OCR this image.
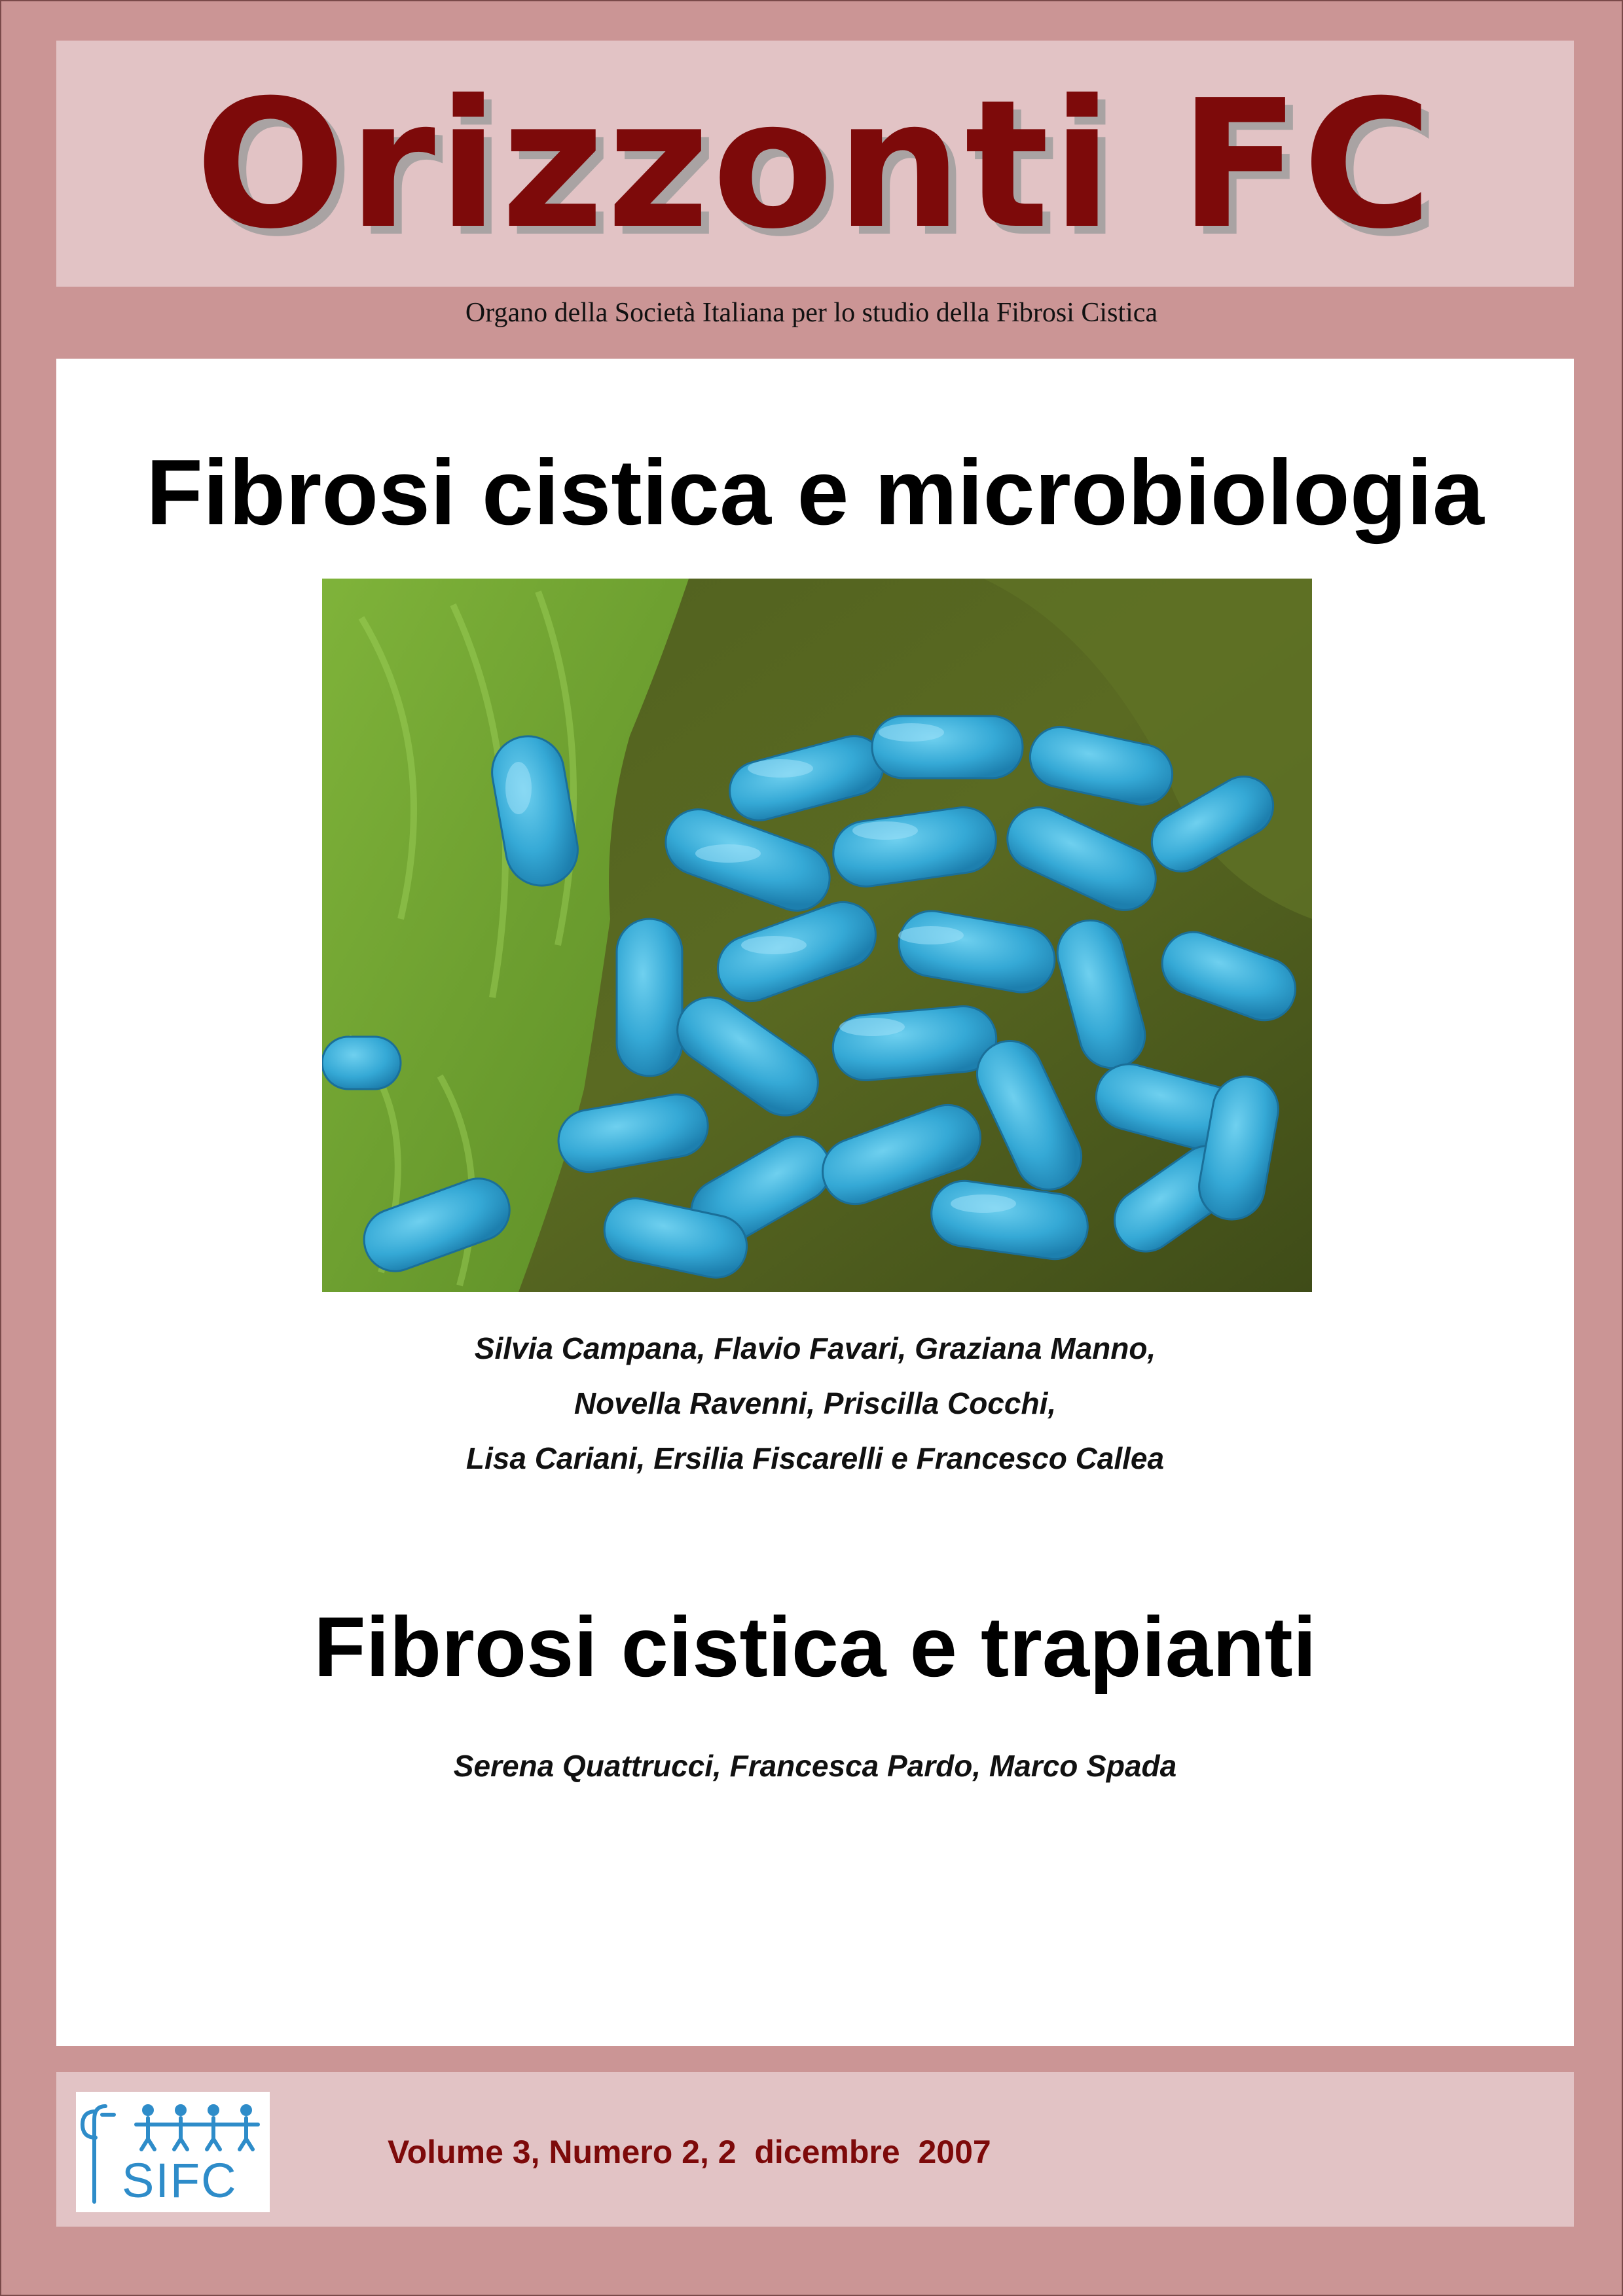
Orizzonti FC
Organo della Società Italiana per lo studio della Fibrosi Cistica
Fibrosi cistica e microbiologia
Silvia Campana, Flavio Favari, Graziana Manno,
Novella Ravenni, Priscilla Cocchi,
Lisa Cariani, Ersilia Fiscarelli e Francesco Callea
Fibrosi cistica e trapianti
Serena Quattrucci, Francesca Pardo, Marco Spada
SIFC
Volume 3, Numero 2, 2  dicembre  2007
